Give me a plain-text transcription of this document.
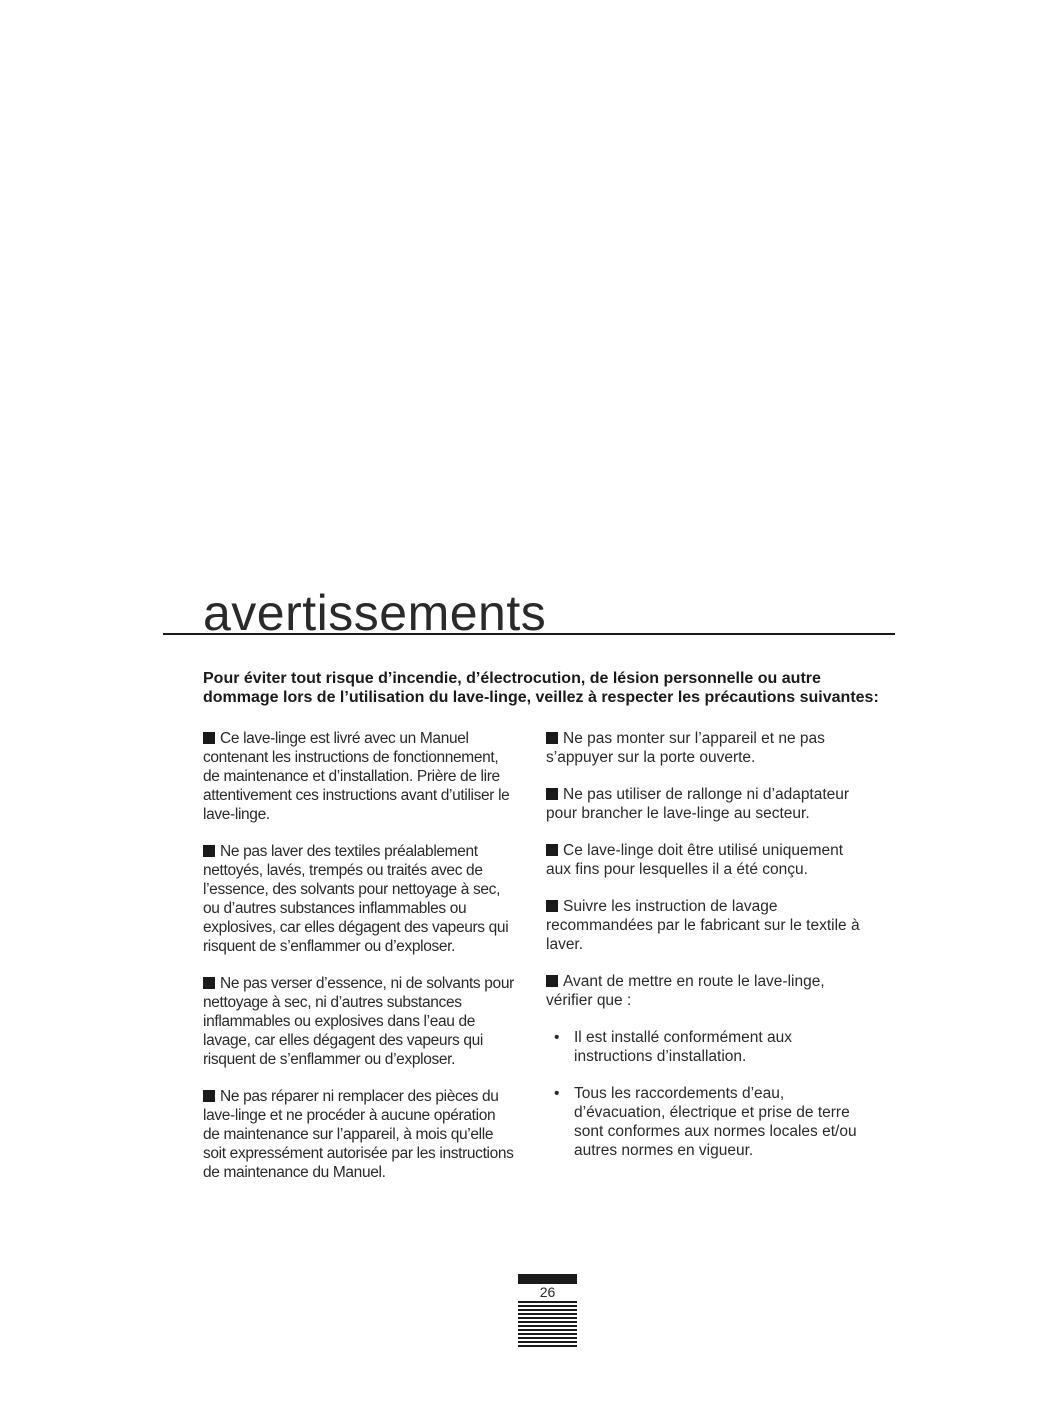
avertissements
Pour éviter tout risque d’incendie, d’électrocution, de lésion personnelle ou autre dommage lors de l’utilisation du lave-linge, veillez à respecter les précautions suivantes:
Ce lave-linge est livré avec un Manuel contenant les instructions de fonctionnement, de maintenance et d’installation. Prière de lire attentivement ces instructions avant d’utiliser le lave-linge.
Ne pas laver des textiles préalablement nettoyés, lavés, trempés ou traités avec de l’essence, des solvants pour nettoyage à sec, ou d’autres substances inflammables ou explosives, car elles dégagent des vapeurs qui risquent de s’enflammer ou d’exploser.
Ne pas verser d’essence, ni de solvants pour nettoyage à sec, ni d’autres substances inflammables ou explosives dans l’eau de lavage, car elles dégagent des vapeurs qui risquent de s’enflammer ou d’exploser.
Ne pas réparer ni remplacer des pièces du lave-linge et ne procéder à aucune opération de maintenance sur l’appareil, à mois qu’elle soit expressément autorisée par les instructions de maintenance du Manuel.
Ne pas monter sur l’appareil et ne pas s’appuyer sur la porte ouverte.
Ne pas utiliser de rallonge ni d’adaptateur pour brancher le lave-linge au secteur.
Ce lave-linge doit être utilisé uniquement aux fins pour lesquelles il a été conçu.
Suivre les instruction de lavage recommandées par le fabricant sur le textile à laver.
Avant de mettre en route le lave-linge, vérifier que :
• Il est installé conformément aux instructions d’installation.
• Tous les raccordements d’eau, d’évacuation, électrique et prise de terre sont conformes aux normes locales et/ou autres normes en vigueur.
26
